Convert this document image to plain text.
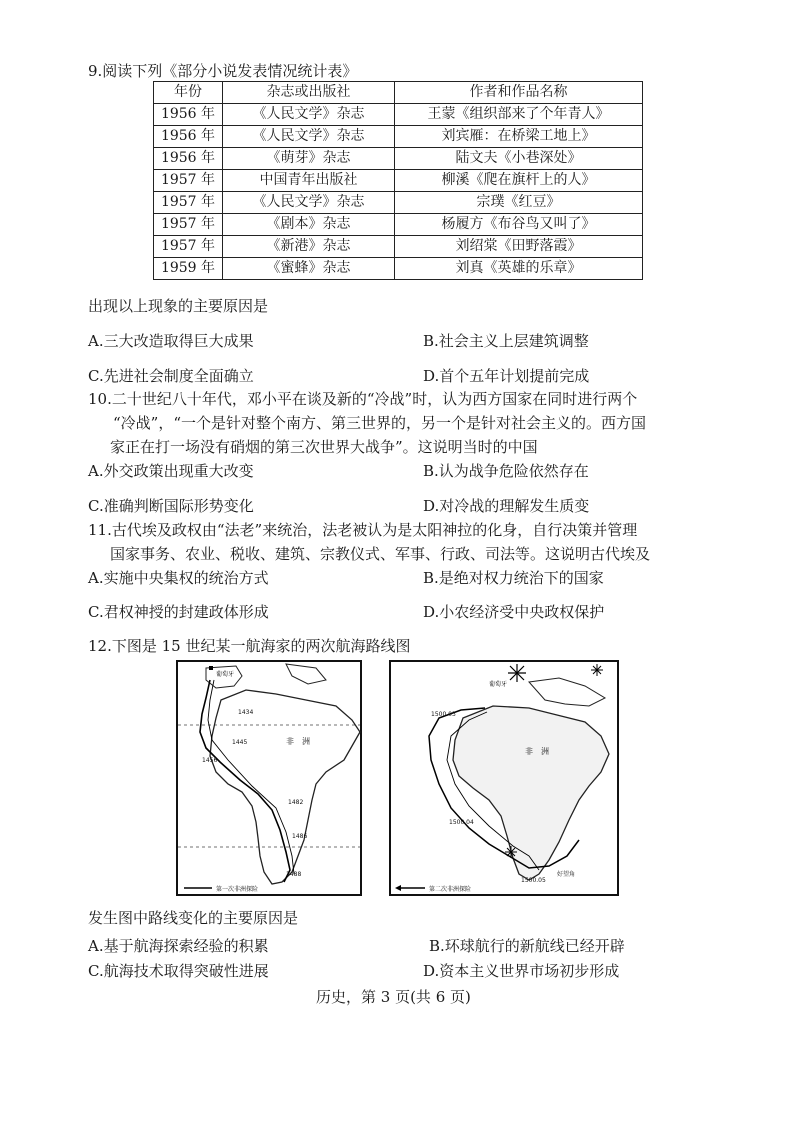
9.阅读下列《部分小说发表情况统计表》
年份	杂志或出版社	作者和作品名称
1956 年	《人民文学》杂志	王蒙《组织部来了个年青人》
1956 年	《人民文学》杂志	刘宾雁：在桥梁工地上》
1956 年	《萌芽》杂志	陆文夫《小巷深处》
1957 年	中国青年出版社	柳溪《爬在旗杆上的人》
1957 年	《人民文学》杂志	宗璞《红豆》
1957 年	《剧本》杂志	杨履方《布谷鸟又叫了》
1957 年	《新港》杂志	刘绍棠《田野落霞》
1959 年	《蜜蜂》杂志	刘真《英雄的乐章》
出现以上现象的主要原因是
A.三大改造取得巨大成果	B.社会主义上层建筑调整
C.先进社会制度全面确立	D.首个五年计划提前完成
10.二十世纪八十年代，邓小平在谈及新的“冷战”时，认为西方国家在同时进行两个
“冷战”，“一个是针对整个南方、第三世界的，另一个是针对社会主义的。西方国
家正在打一场没有硝烟的第三次世界大战争”。这说明当时的中国
A.外交政策出现重大改变	B.认为战争危险依然存在
C.准确判断国际形势变化	D.对冷战的理解发生质变
11.古代埃及政权由“法老”来统治，法老被认为是太阳神拉的化身，自行决策并管理
国家事务、农业、税收、建筑、宗教仪式、军事、行政、司法等。这说明古代埃及
A.实施中央集权的统治方式	B.是绝对权力统治下的国家
C.君权神授的封建政体形成	D.小农经济受中央政权保护
12.下图是 15 世纪某一航海家的两次航海路线图
葡萄牙
1434
1445	非　洲
1456
1482
1486
1488
第一次非洲探险
葡萄牙
1500.03
非　洲
1500.04
1500.05
好望角
第二次非洲探险
发生图中路线变化的主要原因是
A.基于航海探索经验的积累	B.环球航行的新航线已经开辟
C.航海技术取得突破性进展	D.资本主义世界市场初步形成
历史，第 3 页(共 6 页)
